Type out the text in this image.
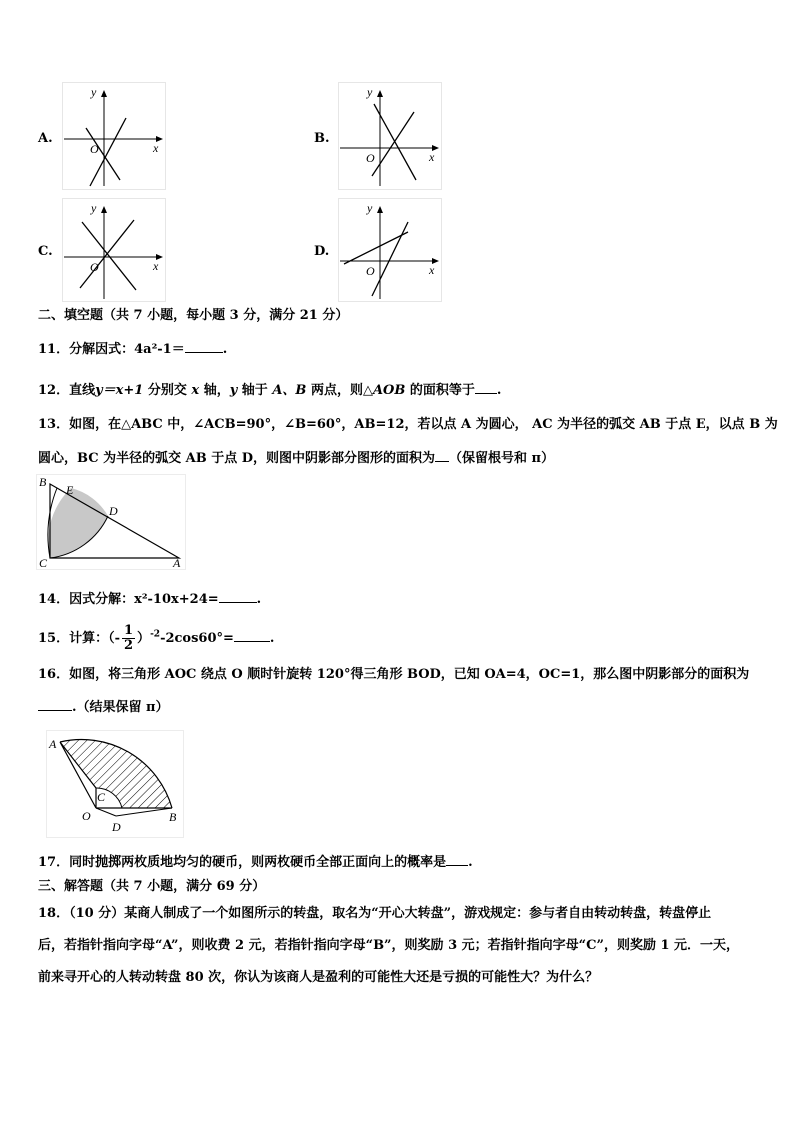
A.
y
x
O
B.
y
x
O
C.
y
x
O
D.
y
x
O
二、填空题（共 7 小题，每小题 3 分，满分 21 分）
11．分解因式：4a²-1＝	.
12．直线y＝x+1 分别交 x 轴，y 轴于 A、B 两点，则△AOB 的面积等于 .
13．如图，在△ABC 中，∠ACB=90°，∠B=60°，AB=12，若以点 A 为圆心， AC 为半径的弧交 AB 于点 E，以点 B 为
圆心，BC 为半径的弧交 AB 于点 D，则图中阴影部分图形的面积为 （保留根号和 π）
B
E
D
C	A
14．因式分解：x²-10x+24=	.
15．计算：（- $\frac{1}{2} )^{-2}-2\cos 60^\circ=$	.
16．如图，将三角形 AOC 绕点 O 顺时针旋转 120°得三角形 BOD，已知 OA=4，OC=1，那么图中阴影部分的面积为
.（结果保留 π）
A
C
O
D
B
17．同时抛掷两枚质地均匀的硬币，则两枚硬币全部正面向上的概率是 .
三、解答题（共 7 小题，满分 69 分）
18．（10 分）某商人制成了一个如图所示的转盘，取名为“开心大转盘”，游戏规定：参与者自由转动转盘，转盘停止
后，若指针指向字母“A”，则收费 2 元，若指针指向字母“B”，则奖励 3 元；若指针指向字母“C”，则奖励 1 元．一天，
前来寻开心的人转动转盘 80 次，你认为该商人是盈利的可能性大还是亏损的可能性大？为什么？
